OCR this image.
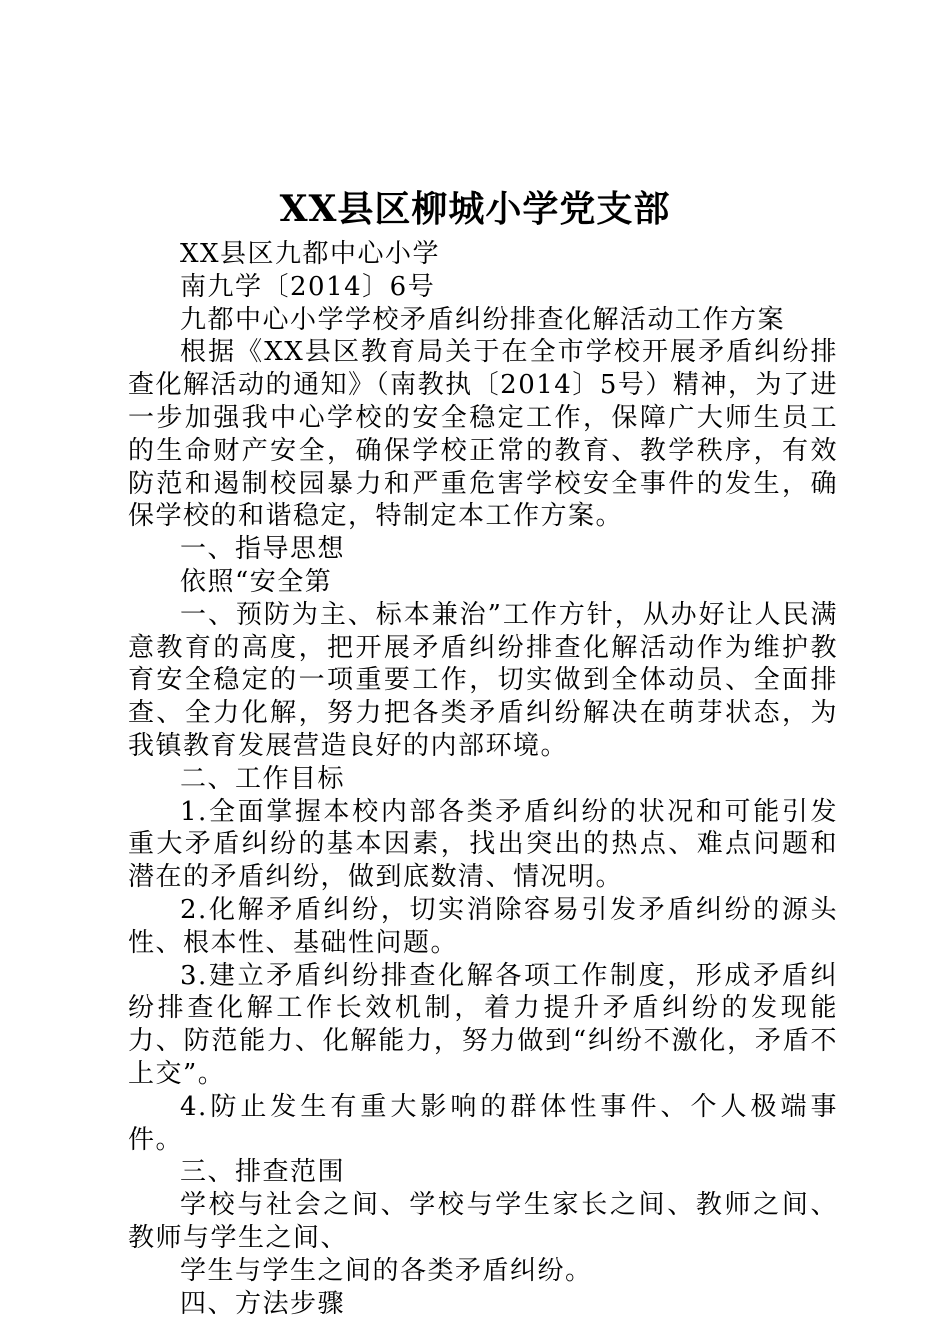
XX县区柳城小学党支部

XX县区九都中心小学

南九学〔2014〕6号

九都中心小学学校矛盾纠纷排查化解活动工作方案

根据《XX县区教育局关于在全市学校开展矛盾纠纷排查化解活动的通知》（南教执〔2014〕5号）精神，为了进一步加强我中心学校的安全稳定工作，保障广大师生员工的生命财产安全，确保学校正常的教育、教学秩序，有效防范和遏制校园暴力和严重危害学校安全事件的发生，确保学校的和谐稳定，特制定本工作方案。

一、指导思想

依照“安全第

一、预防为主、标本兼治”工作方针，从办好让人民满意教育的高度，把开展矛盾纠纷排查化解活动作为维护教育安全稳定的一项重要工作，切实做到全体动员、全面排查、全力化解，努力把各类矛盾纠纷解决在萌芽状态，为我镇教育发展营造良好的内部环境。

二、工作目标

1.全面掌握本校内部各类矛盾纠纷的状况和可能引发重大矛盾纠纷的基本因素，找出突出的热点、难点问题和潜在的矛盾纠纷，做到底数清、情况明。

2.化解矛盾纠纷，切实消除容易引发矛盾纠纷的源头性、根本性、基础性问题。

3.建立矛盾纠纷排查化解各项工作制度，形成矛盾纠纷排查化解工作长效机制，着力提升矛盾纠纷的发现能力、防范能力、化解能力，努力做到“纠纷不激化，矛盾不上交”。

4.防止发生有重大影响的群体性事件、个人极端事件。

三、排查范围

学校与社会之间、学校与学生家长之间、教师之间、教师与学生之间、

学生与学生之间的各类矛盾纠纷。

四、方法步骤
